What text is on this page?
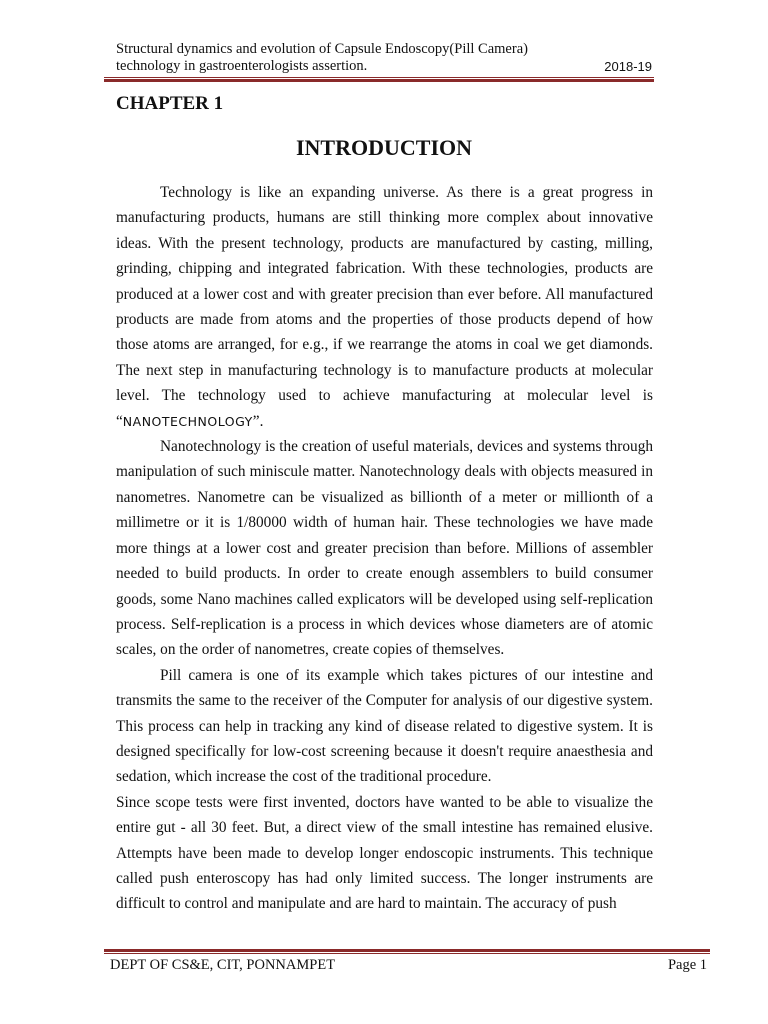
Structural dynamics and evolution of Capsule Endoscopy(Pill Camera)
technology in gastroenterologists assertion.	2018-19
CHAPTER 1
INTRODUCTION

Technology is like an expanding universe. As there is a great progress in manufacturing products, humans are still thinking more complex about innovative ideas. With the present technology, products are manufactured by casting, milling, grinding, chipping and integrated fabrication. With these technologies, products are produced at a lower cost and with greater precision than ever before. All manufactured products are made from atoms and the properties of those products depend of how those atoms are arranged, for e.g., if we rearrange the atoms in coal we get diamonds. The next step in manufacturing technology is to manufacture products at molecular level. The technology used to achieve manufacturing at molecular level is “NANOTECHNOLOGY”.

Nanotechnology is the creation of useful materials, devices and systems through manipulation of such miniscule matter. Nanotechnology deals with objects measured in nanometres. Nanometre can be visualized as billionth of a meter or millionth of a millimetre or it is 1/80000 width of human hair. These technologies we have made more things at a lower cost and greater precision than before. Millions of assembler needed to build products. In order to create enough assemblers to build consumer goods, some Nano machines called explicators will be developed using self-replication process. Self-replication is a process in which devices whose diameters are of atomic scales, on the order of nanometres, create copies of themselves.

Pill camera is one of its example which takes pictures of our intestine and transmits the same to the receiver of the Computer for analysis of our digestive system. This process can help in tracking any kind of disease related to digestive system. It is designed specifically for low-cost screening because it doesn't require anaesthesia and sedation, which increase the cost of the traditional procedure.

Since scope tests were first invented, doctors have wanted to be able to visualize the entire gut - all 30 feet. But, a direct view of the small intestine has remained elusive. Attempts have been made to develop longer endoscopic instruments. This technique called push enteroscopy has had only limited success. The longer instruments are difficult to control and manipulate and are hard to maintain. The accuracy of push

DEPT OF CS&E, CIT, PONNAMPET	Page 1
